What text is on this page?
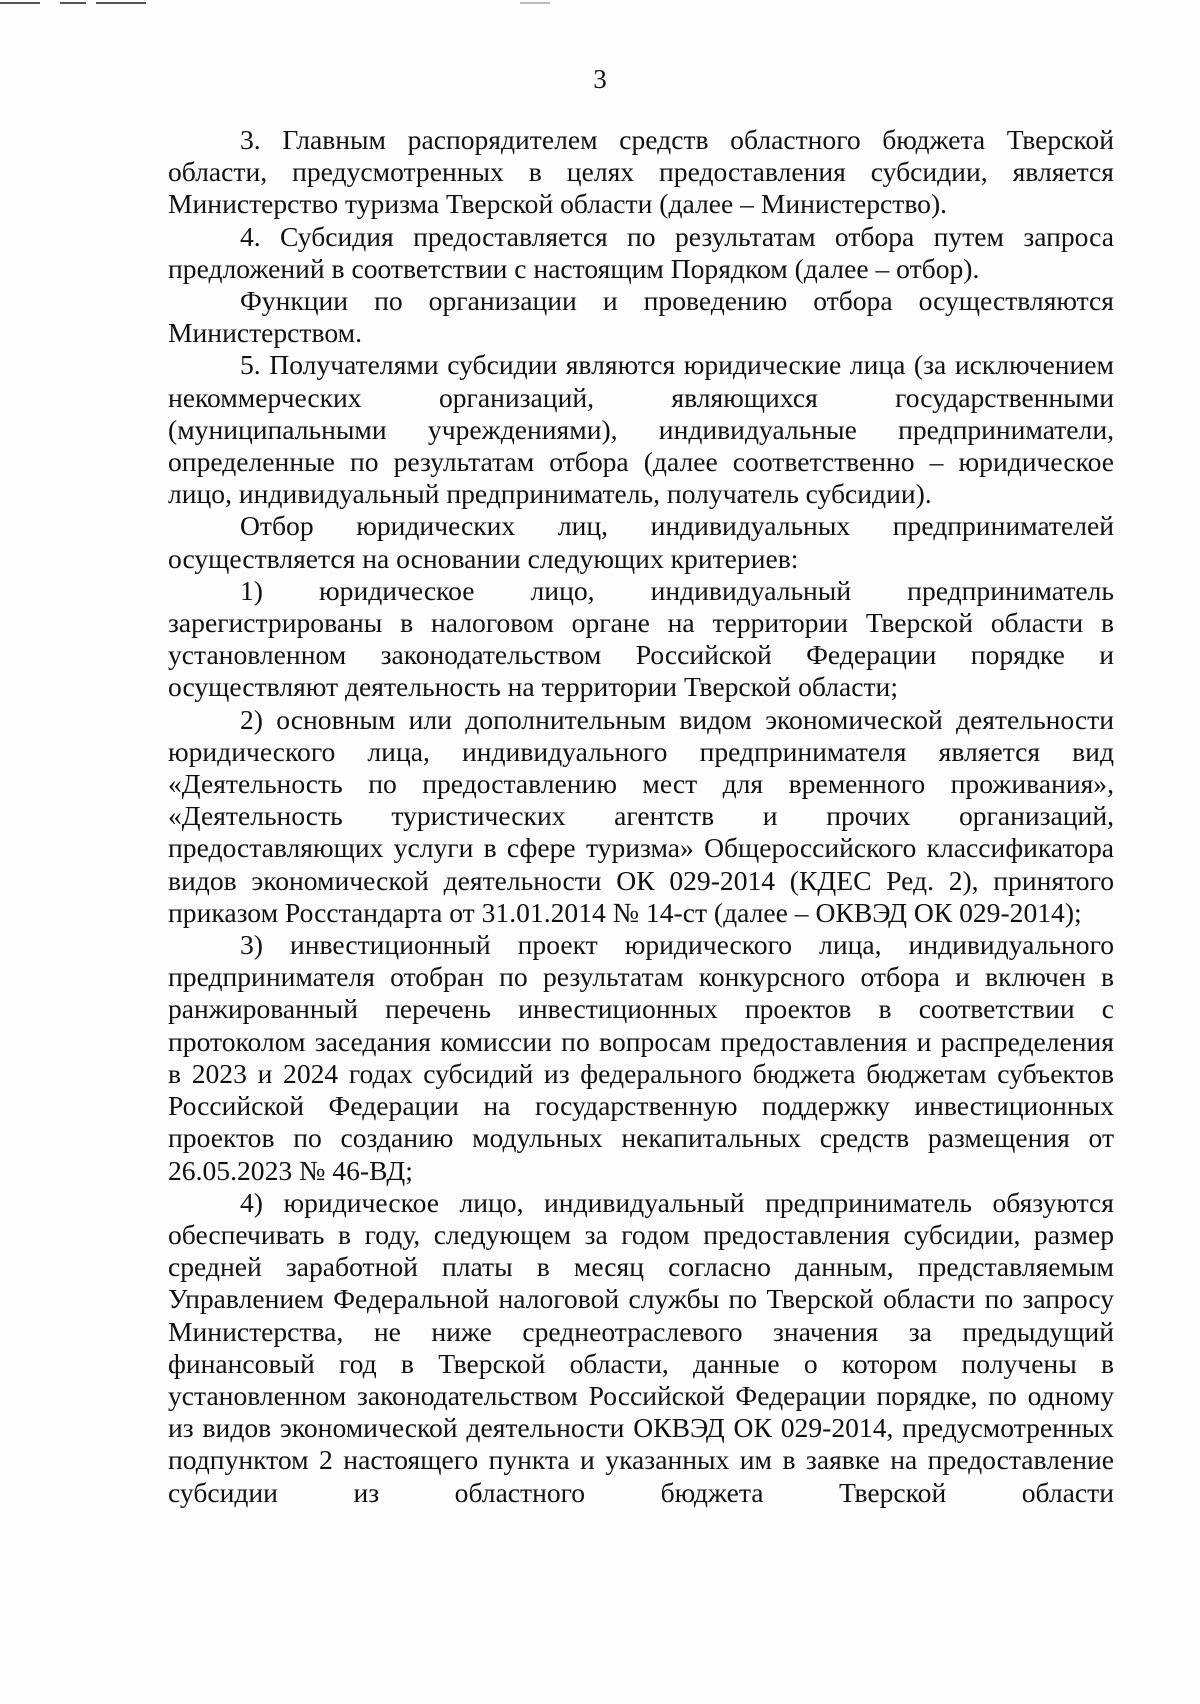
3

3. Главным распорядителем средств областного бюджета Тверской области, предусмотренных в целях предоставления субсидии, является Министерство туризма Тверской области (далее – Министерство).

4. Субсидия предоставляется по результатам отбора путем запроса предложений в соответствии с настоящим Порядком (далее – отбор).

Функции по организации и проведению отбора осуществляются Министерством.

5. Получателями субсидии являются юридические лица (за исключением некоммерческих организаций, являющихся государственными (муниципальными учреждениями), индивидуальные предприниматели, определенные по результатам отбора (далее соответственно – юридическое лицо, индивидуальный предприниматель, получатель субсидии).

Отбор юридических лиц, индивидуальных предпринимателей осуществляется на основании следующих критериев:

1) юридическое лицо, индивидуальный предприниматель зарегистрированы в налоговом органе на территории Тверской области в установленном законодательством Российской Федерации порядке и осуществляют деятельность на территории Тверской области;

2) основным или дополнительным видом экономической деятельности юридического лица, индивидуального предпринимателя является вид «Деятельность по предоставлению мест для временного проживания», «Деятельность туристических агентств и прочих организаций, предоставляющих услуги в сфере туризма» Общероссийского классификатора видов экономической деятельности ОК 029-2014 (КДЕС Ред. 2), принятого приказом Росстандарта от 31.01.2014 № 14-ст (далее – ОКВЭД ОК 029-2014);

3) инвестиционный проект юридического лица, индивидуального предпринимателя отобран по результатам конкурсного отбора и включен в ранжированный перечень инвестиционных проектов в соответствии с протоколом заседания комиссии по вопросам предоставления и распределения в 2023 и 2024 годах субсидий из федерального бюджета бюджетам субъектов Российской Федерации на государственную поддержку инвестиционных проектов по созданию модульных некапитальных средств размещения от 26.05.2023 № 46-ВД;

4) юридическое лицо, индивидуальный предприниматель обязуются обеспечивать в году, следующем за годом предоставления субсидии, размер средней заработной платы в месяц согласно данным, представляемым Управлением Федеральной налоговой службы по Тверской области по запросу Министерства, не ниже среднеотраслевого значения за предыдущий финансовый год в Тверской области, данные о котором получены в установленном законодательством Российской Федерации порядке, по одному из видов экономической деятельности ОКВЭД ОК 029-2014, предусмотренных подпунктом 2 настоящего пункта и указанных им в заявке на предоставление субсидии из областного бюджета Тверской области
